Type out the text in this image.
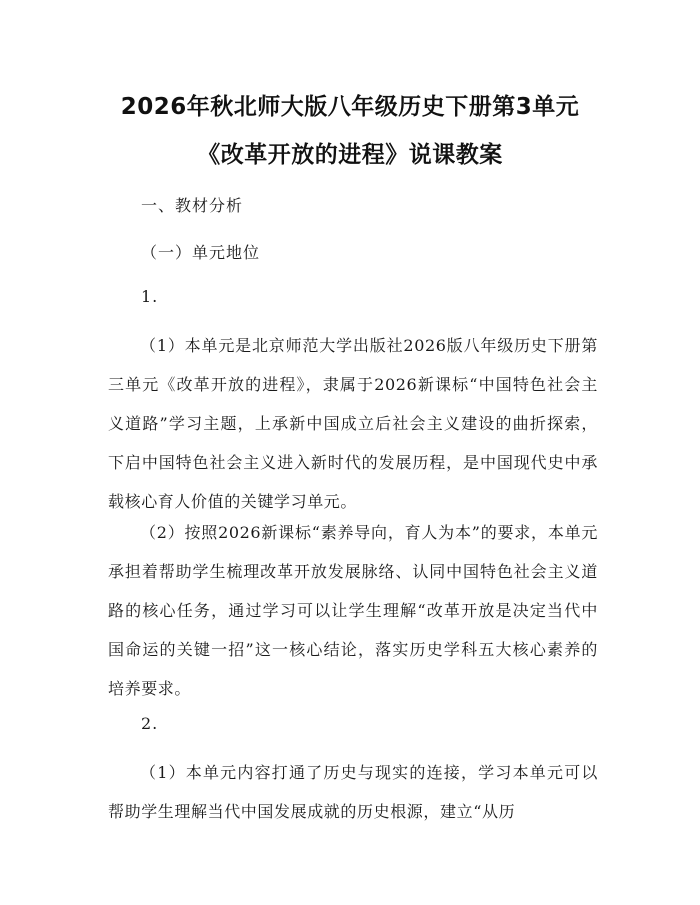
2026年秋北师大版八年级历史下册第3单元
《改革开放的进程》说课教案

一、教材分析

（一）单元地位

1.

（1）本单元是北京师范大学出版社2026版八年级历史下册第三单元《改革开放的进程》，隶属于2026新课标“中国特色社会主义道路”学习主题，上承新中国成立后社会主义建设的曲折探索，下启中国特色社会主义进入新时代的发展历程，是中国现代史中承载核心育人价值的关键学习单元。

（2）按照2026新课标“素养导向，育人为本”的要求，本单元承担着帮助学生梳理改革开放发展脉络、认同中国特色社会主义道路的核心任务，通过学习可以让学生理解“改革开放是决定当代中国命运的关键一招”这一核心结论，落实历史学科五大核心素养的培养要求。

2.

（1）本单元内容打通了历史与现实的连接，学习本单元可以帮助学生理解当代中国发展成就的历史根源，建立“从历
